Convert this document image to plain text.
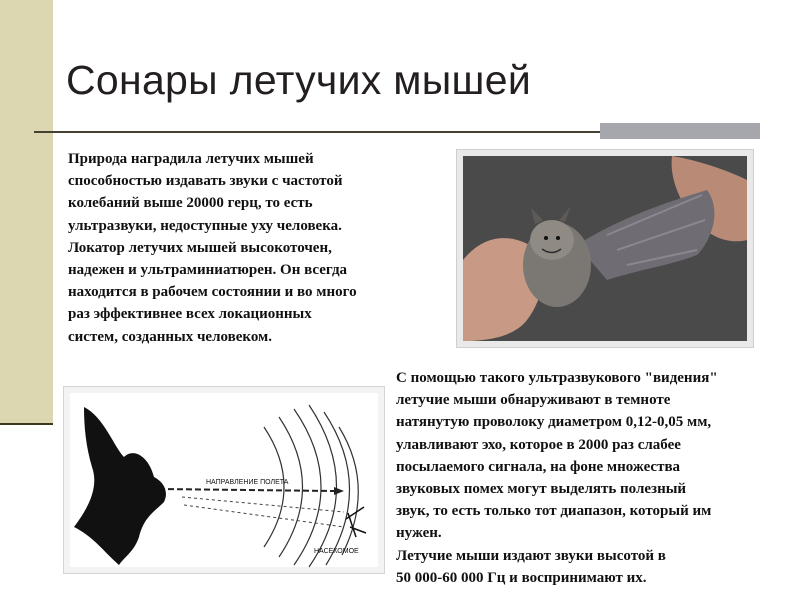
Сонары летучих мышей
Природа наградила летучих мышей
способностью издавать звуки с частотой
колебаний выше 20000 герц, то есть
ультразвуки, недоступные уху человека.
Локатор летучих мышей высокоточен,
надежен и ультраминиатюрен. Он всегда
находится в рабочем состоянии и во много
раз эффективнее всех локационных
систем, созданных человеком.
НАПРАВЛЕНИЕ ПОЛЕТА
НАСЕКОМОЕ
С помощью такого ультразвукового "видения"
летучие мыши обнаруживают в темноте
натянутую проволоку диаметром 0,12-0,05 мм,
улавливают эхо, которое в 2000 раз слабее
посылаемого сигнала, на фоне множества
звуковых помех могут выделять полезный
звук, то есть только тот диапазон, который им
нужен.
Летучие мыши издают звуки высотой в
50 000-60 000 Гц и воспринимают их.
